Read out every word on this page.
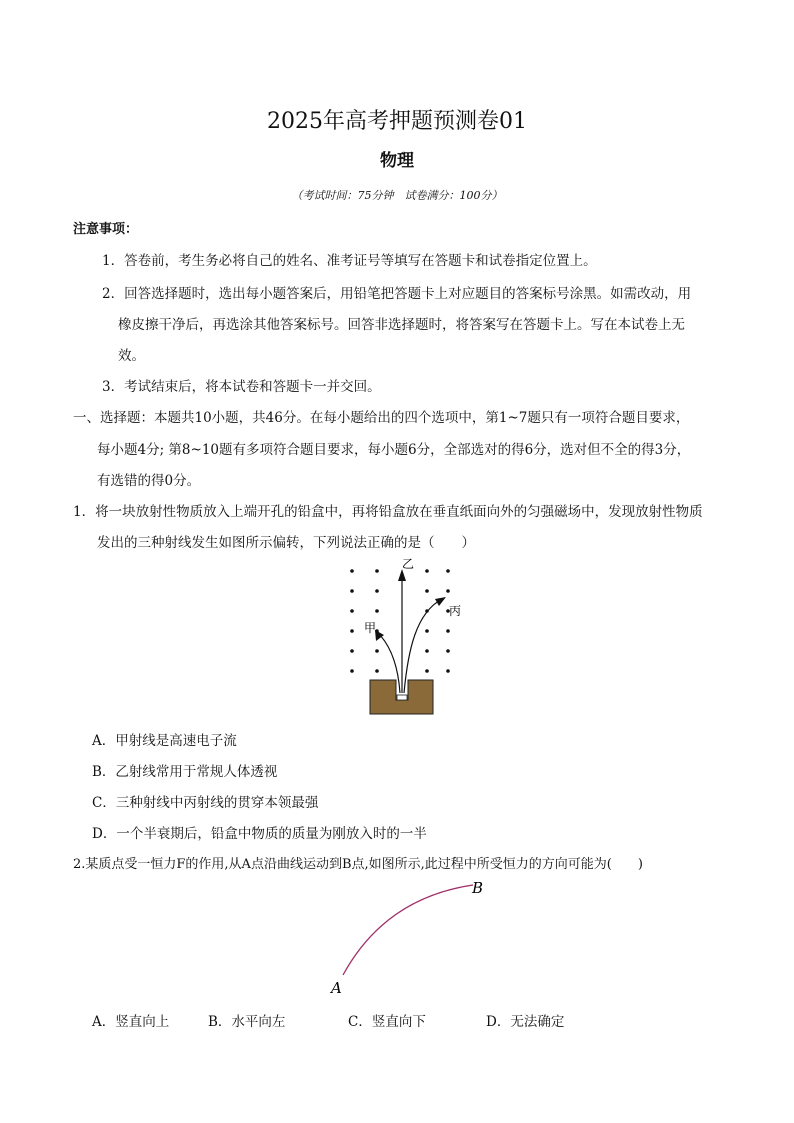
2025年高考押题预测卷01
物理
（考试时间：75分钟　试卷满分：100分）
注意事项：
1．答卷前，考生务必将自己的姓名、准考证号等填写在答题卡和试卷指定位置上。
2．回答选择题时，选出每小题答案后，用铅笔把答题卡上对应题目的答案标号涂黑。如需改动，用
橡皮擦干净后，再选涂其他答案标号。回答非选择题时，将答案写在答题卡上。写在本试卷上无
效。
3．考试结束后，将本试卷和答题卡一并交回。
一、选择题：本题共10小题，共46分。在每小题给出的四个选项中，第1~7题只有一项符合题目要求，
每小题4分; 第8~10题有多项符合题目要求，每小题6分，全部选对的得6分，选对但不全的得3分，
有选错的得0分。
1．将一块放射性物质放入上端开孔的铅盒中，再将铅盒放在垂直纸面向外的匀强磁场中，发现放射性物质
发出的三种射线发生如图所示偏转，下列说法正确的是（　　）
乙
甲
丙
A．甲射线是高速电子流
B．乙射线常用于常规人体透视
C．三种射线中丙射线的贯穿本领最强
D．一个半衰期后，铅盒中物质的质量为刚放入时的一半
2.某质点受一恒力F的作用,从A点沿曲线运动到B点,如图所示,此过程中所受恒力的方向可能为(　　)
A
B
A．竖直向上	B．水平向左	C．竖直向下	D．无法确定
